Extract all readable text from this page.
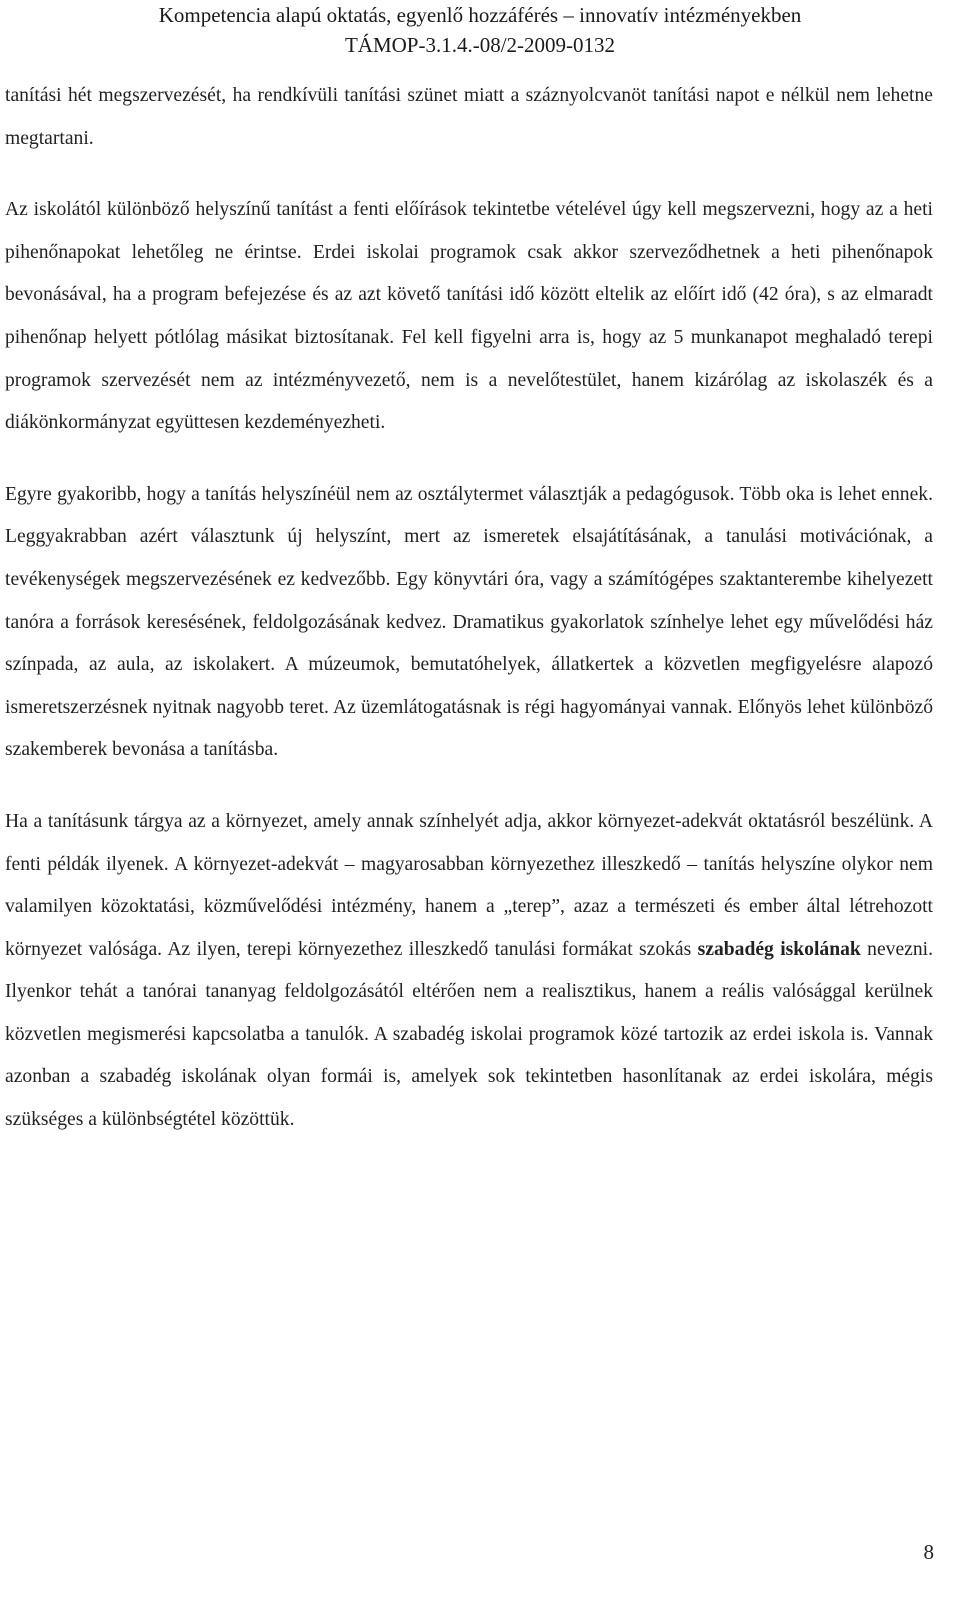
Kompetencia alapú oktatás, egyenlő hozzáférés – innovatív intézményekben
TÁMOP-3.1.4.-08/2-2009-0132

tanítási hét megszervezését, ha rendkívüli tanítási szünet miatt a száznyolcvanöt tanítási napot e nélkül nem lehetne megtartani.

Az iskolától különböző helyszínű tanítást a fenti előírások tekintetbe vételével úgy kell megszervezni, hogy az a heti pihenőnapokat lehetőleg ne érintse. Erdei iskolai programok csak akkor szerveződhetnek a heti pihenőnapok bevonásával, ha a program befejezése és az azt követő tanítási idő között eltelik az előírt idő (42 óra), s az elmaradt pihenőnap helyett pótlólag másikat biztosítanak. Fel kell figyelni arra is, hogy az 5 munkanapot meghaladó terepi programok szervezését nem az intézményvezető, nem is a nevelőtestület, hanem kizárólag az iskolaszék és a diákönkormányzat együttesen kezdeményezheti.

Egyre gyakoribb, hogy a tanítás helyszínéül nem az osztálytermet választják a pedagógusok. Több oka is lehet ennek. Leggyakrabban azért választunk új helyszínt, mert az ismeretek elsajátításának, a tanulási motivációnak, a tevékenységek megszervezésének ez kedvezőbb. Egy könyvtári óra, vagy a számítógépes szaktanterembe kihelyezett tanóra a források keresésének, feldolgozásának kedvez. Dramatikus gyakorlatok színhelye lehet egy művelődési ház színpada, az aula, az iskolakert. A múzeumok, bemutatóhelyek, állatkertek a közvetlen megfigyelésre alapozó ismeretszerzésnek nyitnak nagyobb teret. Az üzemlátogatásnak is régi hagyományai vannak. Előnyös lehet különböző szakemberek bevonása a tanításba.

Ha a tanításunk tárgya az a környezet, amely annak színhelyét adja, akkor környezet-adekvát oktatásról beszélünk. A fenti példák ilyenek. A környezet-adekvát – magyarosabban környezethez illeszkedő – tanítás helyszíne olykor nem valamilyen közoktatási, közművelődési intézmény, hanem a „terep”, azaz a természeti és ember által létrehozott környezet valósága. Az ilyen, terepi környezethez illeszkedő tanulási formákat szokás szabadég iskolának nevezni. Ilyenkor tehát a tanórai tananyag feldolgozásától eltérően nem a realisztikus, hanem a reális valósággal kerülnek közvetlen megismerési kapcsolatba a tanulók. A szabadég iskolai programok közé tartozik az erdei iskola is. Vannak azonban a szabadég iskolának olyan formái is, amelyek sok tekintetben hasonlítanak az erdei iskolára, mégis szükséges a különbségtétel közöttük.

8
